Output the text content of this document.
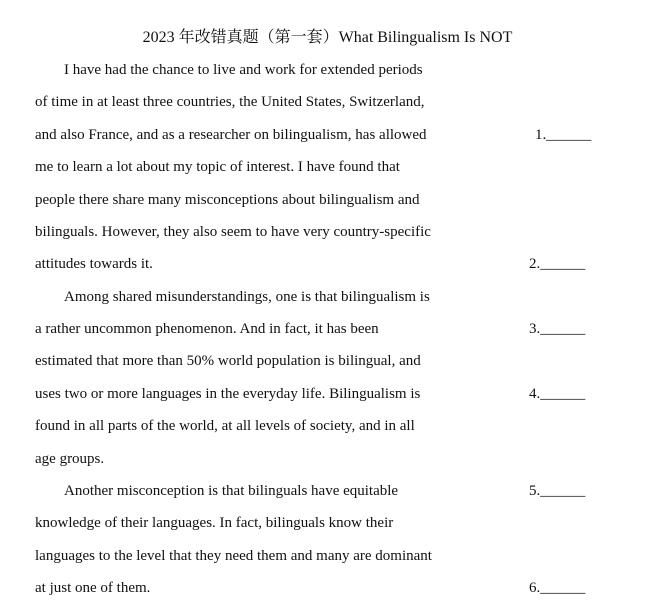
2023 年改错真题（第一套）What Bilingualism Is NOT
I have had the chance to live and work for extended periods
of time in at least three countries, the United States, Switzerland,
and also France, and as a researcher on bilingualism, has allowed
me to learn a lot about my topic of interest. I have found that
people there share many misconceptions about bilingualism and
bilinguals. However, they also seem to have very country-specific
attitudes towards it.
Among shared misunderstandings, one is that bilingualism is
a rather uncommon phenomenon. And in fact, it has been
estimated that more than 50% world population is bilingual, and
uses two or more languages in the everyday life. Bilingualism is
found in all parts of the world, at all levels of society, and in all
age groups.
Another misconception is that bilinguals have equitable
knowledge of their languages. In fact, bilinguals know their
languages to the level that they need them and many are dominant
at just one of them.
1.______
2.______
3.______
4.______
5.______
6.______
